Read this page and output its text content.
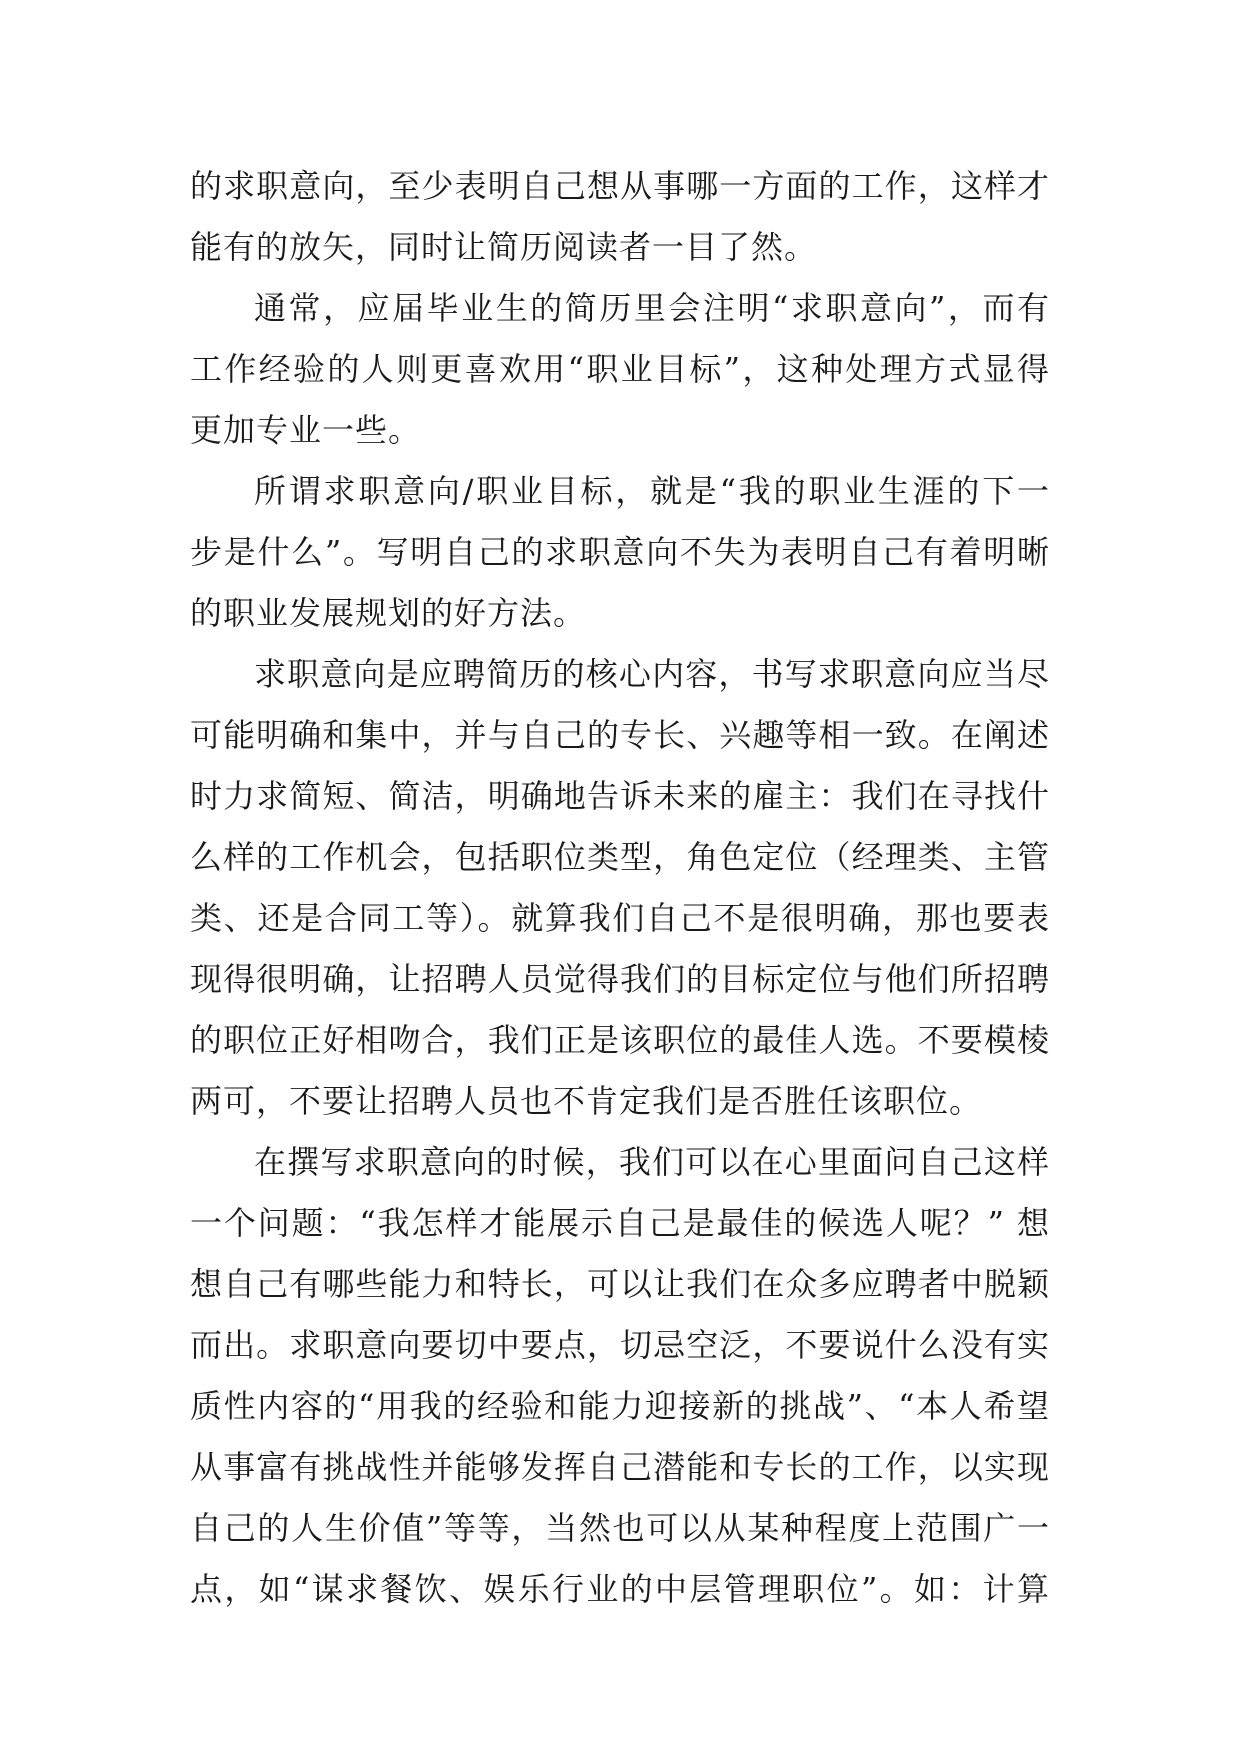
的求职意向，至少表明自己想从事哪一方面的工作，这样才
能有的放矢，同时让简历阅读者一目了然。
通常，应届毕业生的简历里会注明“求职意向”，而有
工作经验的人则更喜欢用“职业目标”，这种处理方式显得
更加专业一些。
所谓求职意向/职业目标，就是“我的职业生涯的下一
步是什么”。写明自己的求职意向不失为表明自己有着明晰
的职业发展规划的好方法。
求职意向是应聘简历的核心内容，书写求职意向应当尽
可能明确和集中，并与自己的专长、兴趣等相一致。在阐述
时力求简短、简洁，明确地告诉未来的雇主：我们在寻找什
么样的工作机会，包括职位类型，角色定位（经理类、主管
类、还是合同工等）。就算我们自己不是很明确，那也要表
现得很明确，让招聘人员觉得我们的目标定位与他们所招聘
的职位正好相吻合，我们正是该职位的最佳人选。不要模棱
两可，不要让招聘人员也不肯定我们是否胜任该职位。
在撰写求职意向的时候，我们可以在心里面问自己这样
一个问题：“我怎样才能展示自己是最佳的候选人呢？” 想
想自己有哪些能力和特长，可以让我们在众多应聘者中脱颖
而出。求职意向要切中要点，切忌空泛，不要说什么没有实
质性内容的“用我的经验和能力迎接新的挑战”、“本人希望
从事富有挑战性并能够发挥自己潜能和专长的工作，以实现
自己的人生价值”等等，当然也可以从某种程度上范围广一
点，如“谋求餐饮、娱乐行业的中层管理职位”。如：计算
